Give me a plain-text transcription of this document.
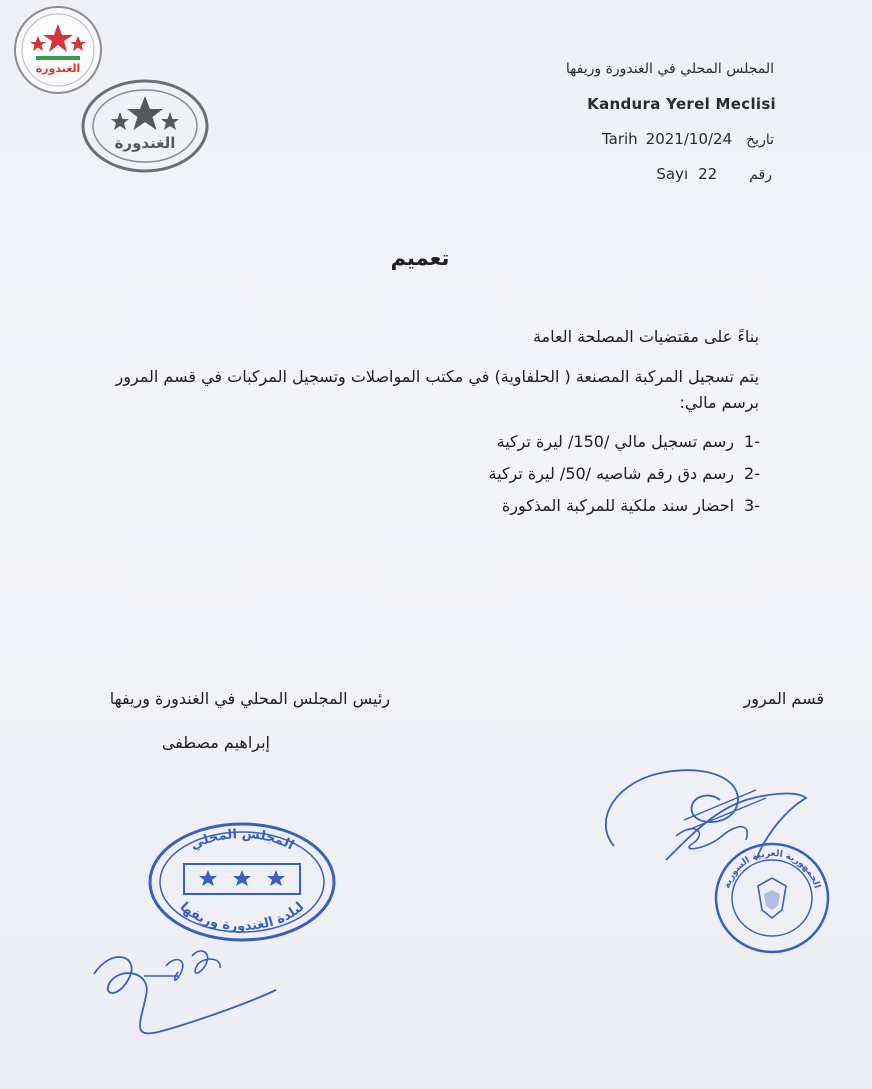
الغندورة
الغندورة
المجلس المحلي في الغندورة وريفها
Kandura Yerel Meclisi
Tarih 2021/10/24 تاريخ
Sayı 22 رقم
تعميم
بناءً على مقتضيات المصلحة العامة
يتم تسجيل المركبة المصنعة ( الحلفاوية) في مكتب المواصلات وتسجيل المركبات في قسم المرور برسم مالي:
-1
رسم تسجيل مالي /150/ ليرة تركية
-2
رسم دق رقم شاصيه /50/ ليرة تركية
-3
احضار سند ملكية للمركبة المذكورة
رئيس المجلس المحلي في الغندورة وريفها
إبراهيم مصطفى
قسم المرور
المجلس المحلي
لبلدة الغندورة وريفها
الجمهورية العربية السورية
